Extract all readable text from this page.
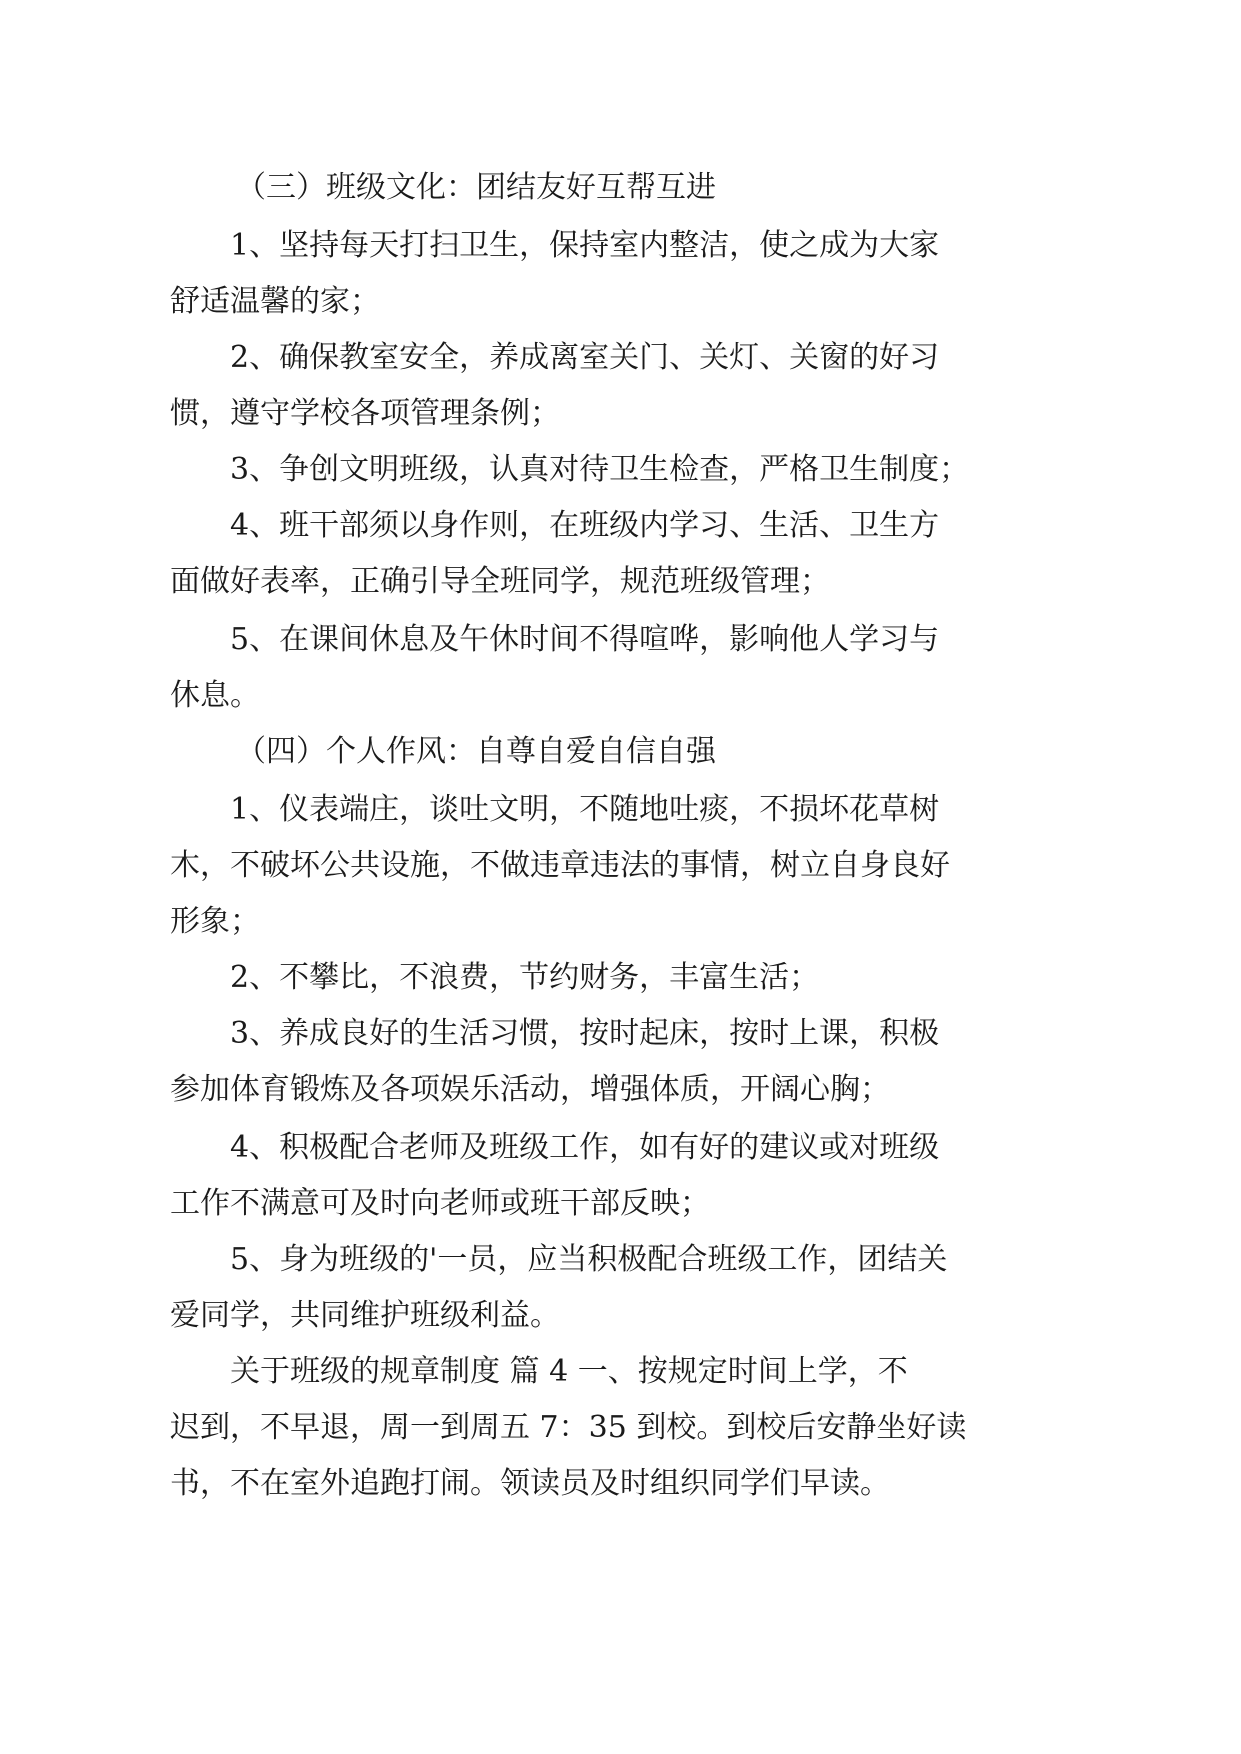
（三）班级文化：团结友好互帮互进
1、坚持每天打扫卫生，保持室内整洁，使之成为大家
舒适温馨的家；
2、确保教室安全，养成离室关门、关灯、关窗的好习
惯，遵守学校各项管理条例；
3、争创文明班级，认真对待卫生检查，严格卫生制度；
4、班干部须以身作则，在班级内学习、生活、卫生方
面做好表率，正确引导全班同学，规范班级管理；
5、在课间休息及午休时间不得喧哗，影响他人学习与
休息。
（四）个人作风：自尊自爱自信自强
1、仪表端庄，谈吐文明，不随地吐痰，不损坏花草树
木，不破坏公共设施，不做违章违法的事情，树立自身良好
形象；
2、不攀比，不浪费，节约财务，丰富生活；
3、养成良好的生活习惯，按时起床，按时上课，积极
参加体育锻炼及各项娱乐活动，增强体质，开阔心胸；
4、积极配合老师及班级工作，如有好的建议或对班级
工作不满意可及时向老师或班干部反映；
5、身为班级的'一员，应当积极配合班级工作，团结关
爱同学，共同维护班级利益。
关于班级的规章制度 篇 4 一、按规定时间上学，不
迟到，不早退，周一到周五 7：35 到校。到校后安静坐好读
书，不在室外追跑打闹。领读员及时组织同学们早读。
